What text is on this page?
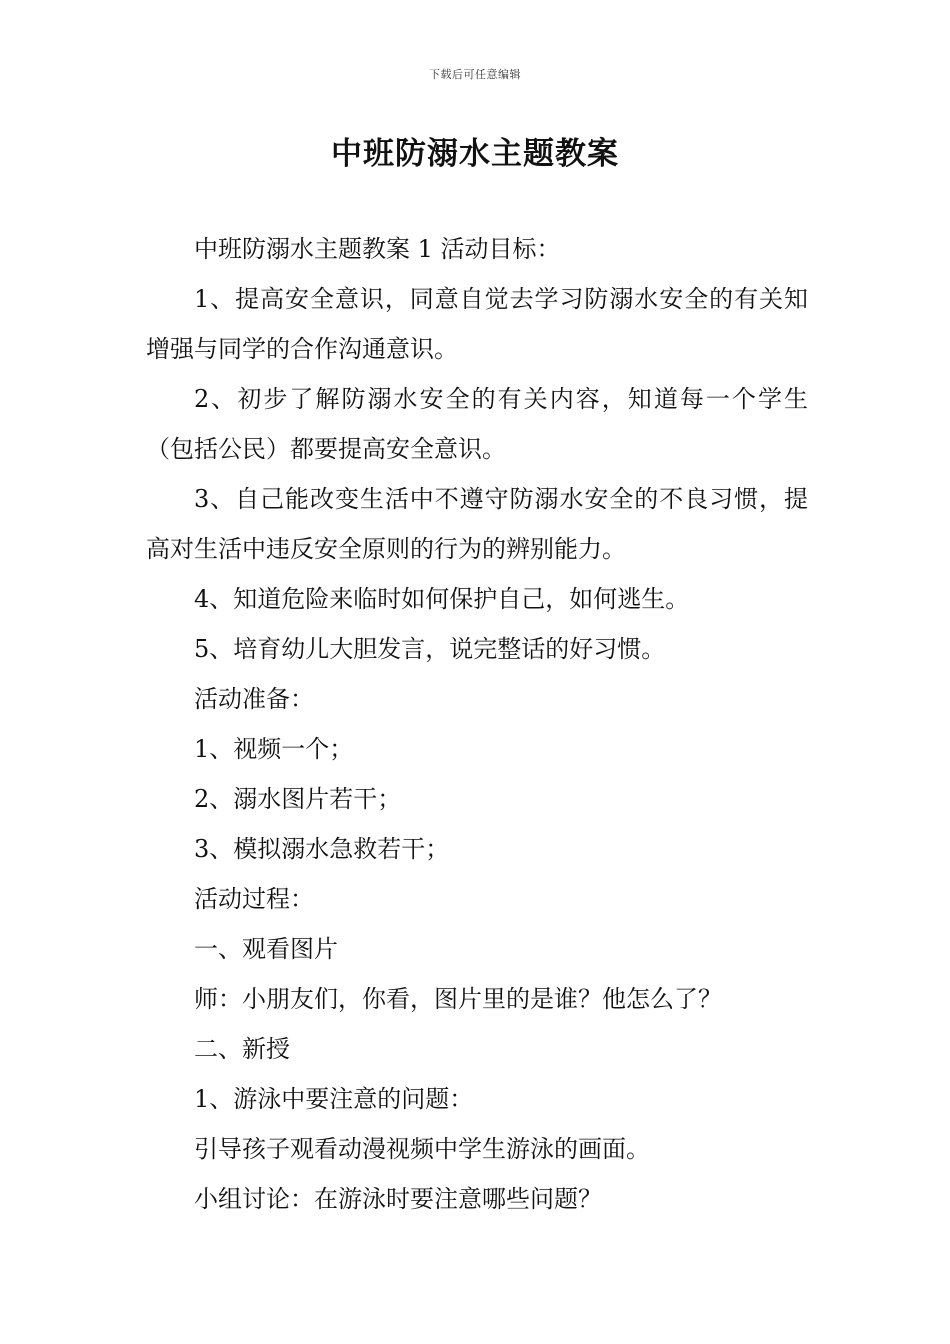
下载后可任意编辑
中班防溺水主题教案

中班防溺水主题教案 1 活动目标：

1、提高安全意识，同意自觉去学习防溺水安全的有关知增强与同学的合作沟通意识。

2、初步了解防溺水安全的有关内容，知道每一个学生（包括公民）都要提高安全意识。

3、自己能改变生活中不遵守防溺水安全的不良习惯，提高对生活中违反安全原则的行为的辨别能力。

4、知道危险来临时如何保护自己，如何逃生。

5、培育幼儿大胆发言，说完整话的好习惯。

活动准备：

1、视频一个；

2、溺水图片若干；

3、模拟溺水急救若干；

活动过程：

一、观看图片

师：小朋友们，你看，图片里的是谁？他怎么了？

二、新授

1、游泳中要注意的问题：

引导孩子观看动漫视频中学生游泳的画面。

小组讨论：在游泳时要注意哪些问题？
